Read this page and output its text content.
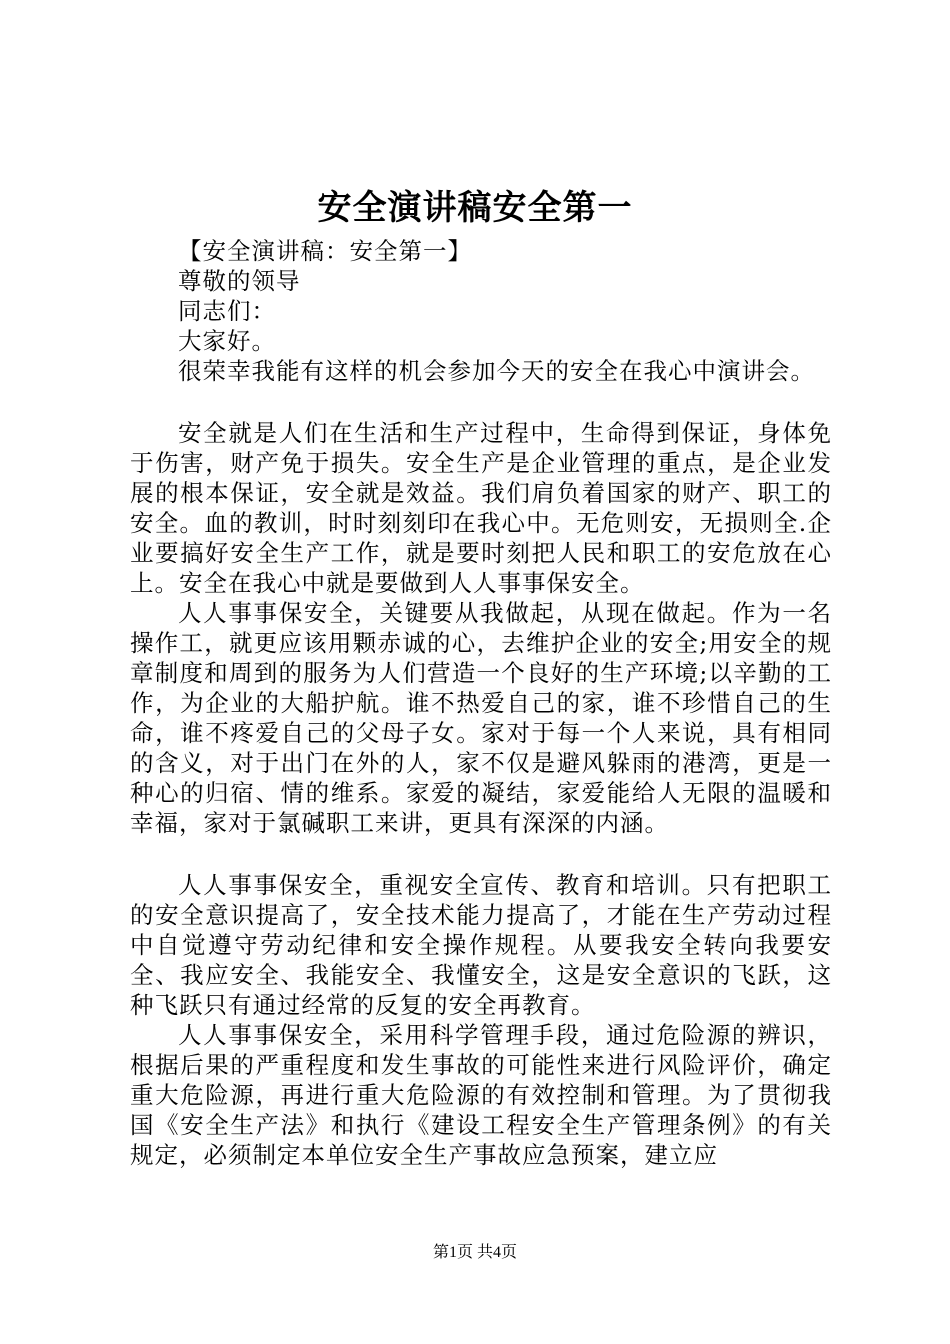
安全演讲稿安全第一
【安全演讲稿：安全第一】
尊敬的领导
同志们：
大家好。
很荣幸我能有这样的机会参加今天的安全在我心中演讲会。

安全就是人们在生活和生产过程中，生命得到保证，身体免于伤害，财产免于损失。安全生产是企业管理的重点，是企业发展的根本保证，安全就是效益。我们肩负着国家的财产、职工的安全。血的教训，时时刻刻印在我心中。无危则安，无损则全.企业要搞好安全生产工作，就是要时刻把人民和职工的安危放在心上。安全在我心中就是要做到人人事事保安全。

人人事事保安全，关键要从我做起，从现在做起。作为一名操作工，就更应该用颗赤诚的心，去维护企业的安全;用安全的规章制度和周到的服务为人们营造一个良好的生产环境;以辛勤的工作，为企业的大船护航。谁不热爱自己的家，谁不珍惜自己的生命，谁不疼爱自己的父母子女。家对于每一个人来说，具有相同的含义，对于出门在外的人，家不仅是避风躲雨的港湾，更是一种心的归宿、情的维系。家爱的凝结，家爱能给人无限的温暖和幸福，家对于氯碱职工来讲，更具有深深的内涵。

人人事事保安全，重视安全宣传、教育和培训。只有把职工的安全意识提高了，安全技术能力提高了，才能在生产劳动过程中自觉遵守劳动纪律和安全操作规程。从要我安全转向我要安全、我应安全、我能安全、我懂安全，这是安全意识的飞跃，这种飞跃只有通过经常的反复的安全再教育。

人人事事保安全，采用科学管理手段，通过危险源的辨识，根据后果的严重程度和发生事故的可能性来进行风险评价，确定重大危险源，再进行重大危险源的有效控制和管理。为了贯彻我国《安全生产法》和执行《建设工程安全生产管理条例》的有关规定，必须制定本单位安全生产事故应急预案，建立应

第1页 共4页
